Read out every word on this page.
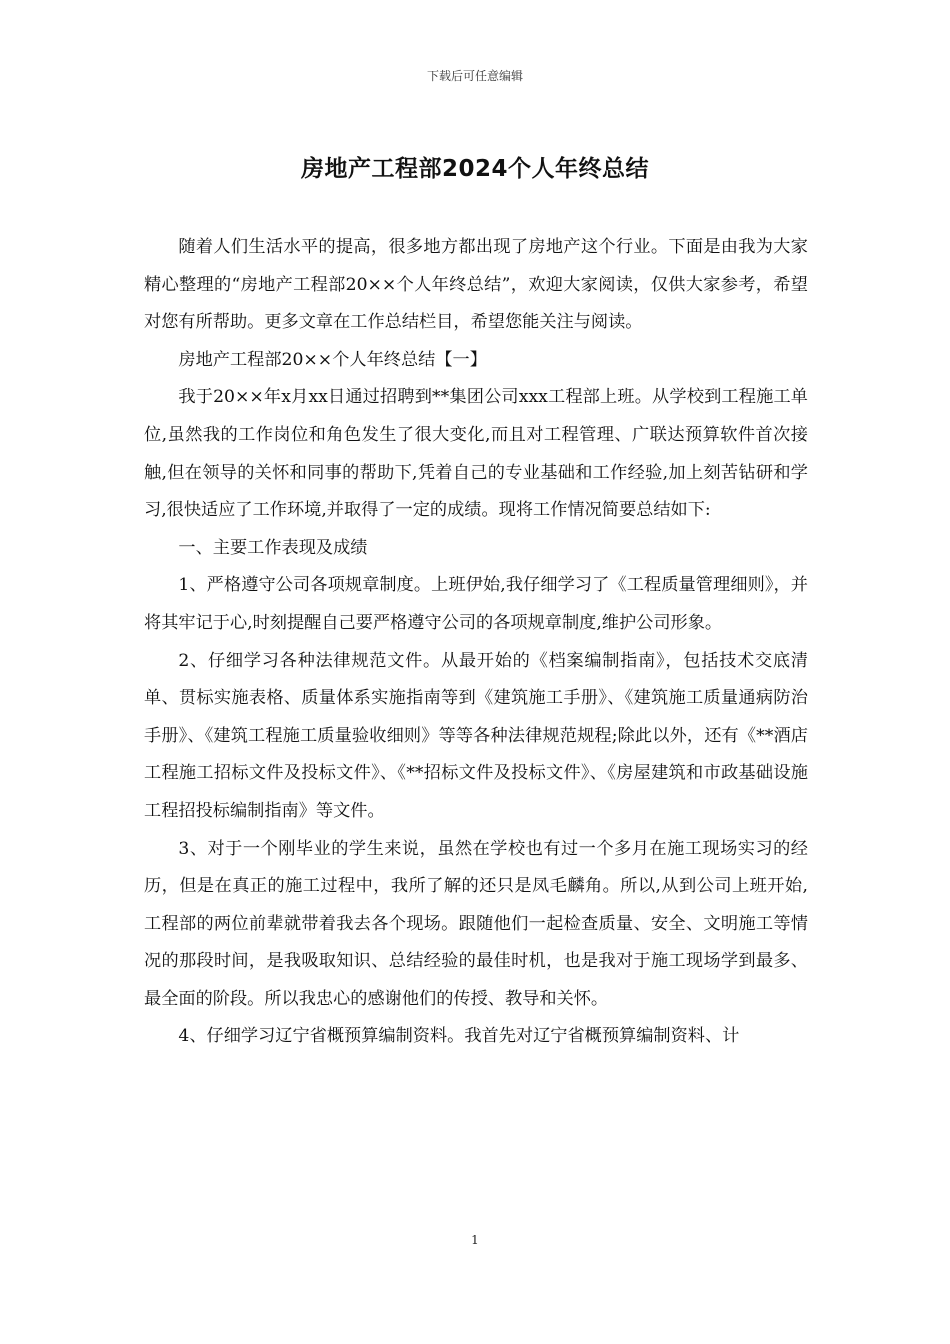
下载后可任意编辑
房地产工程部2024个人年终总结

随着人们生活水平的提高，很多地方都出现了房地产这个行业。下面是由我为大家精心整理的“房地产工程部20××个人年终总结”，欢迎大家阅读，仅供大家参考，希望对您有所帮助。更多文章在工作总结栏目，希望您能关注与阅读。

房地产工程部20××个人年终总结【一】

我于20××年x月xx日通过招聘到**集团公司xxx工程部上班。从学校到工程施工单位,虽然我的工作岗位和角色发生了很大变化,而且对工程管理、广联达预算软件首次接触,但在领导的关怀和同事的帮助下,凭着自己的专业基础和工作经验,加上刻苦钻研和学习,很快适应了工作环境,并取得了一定的成绩。现将工作情况简要总结如下:

一、主要工作表现及成绩

1、严格遵守公司各项规章制度。上班伊始,我仔细学习了《工程质量管理细则》，并将其牢记于心,时刻提醒自己要严格遵守公司的各项规章制度,维护公司形象。

2、仔细学习各种法律规范文件。从最开始的《档案编制指南》，包括技术交底清单、贯标实施表格、质量体系实施指南等到《建筑施工手册》、《建筑施工质量通病防治手册》、《建筑工程施工质量验收细则》等等各种法律规范规程;除此以外，还有《**酒店工程施工招标文件及投标文件》、《**招标文件及投标文件》、《房屋建筑和市政基础设施工程招投标编制指南》等文件。

3、对于一个刚毕业的学生来说，虽然在学校也有过一个多月在施工现场实习的经历，但是在真正的施工过程中，我所了解的还只是凤毛麟角。所以,从到公司上班开始,工程部的两位前辈就带着我去各个现场。跟随他们一起检查质量、安全、文明施工等情况的那段时间，是我吸取知识、总结经验的最佳时机，也是我对于施工现场学到最多、最全面的阶段。所以我忠心的感谢他们的传授、教导和关怀。

4、仔细学习辽宁省概预算编制资料。我首先对辽宁省概预算编制资料、计

1
